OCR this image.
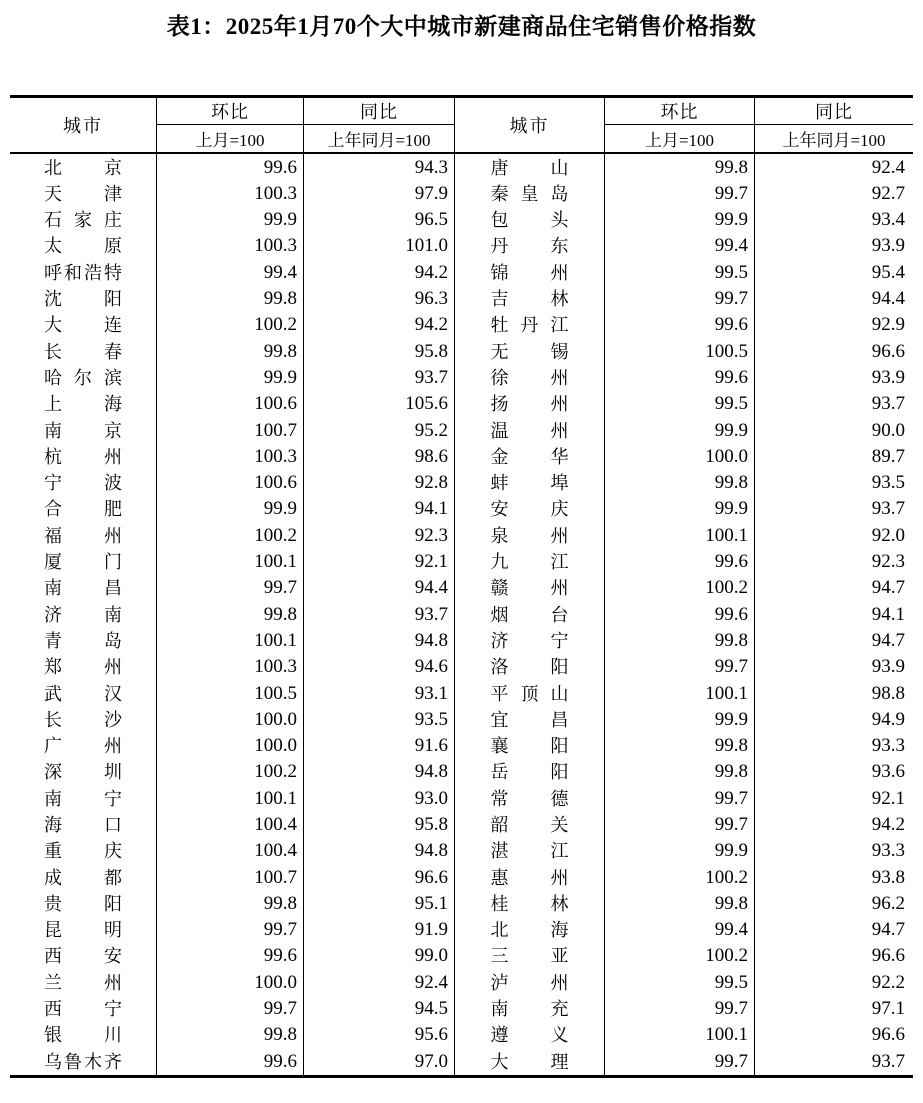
表1：2025年1月70个大中城市新建商品住宅销售价格指数
城市
环比
上月=100
同比
上年同月=100
城市
环比
上月=100
同比
上年同月=100
北 京	99.6	94.3	唐 山	99.8	92.4
天 津	100.3	97.9	秦 皇 岛	99.7	92.7
石 家 庄	99.9	96.5	包 头	99.9	93.4
太 原	100.3	101.0	丹 东	99.4	93.9
呼 和 浩 特	99.4	94.2	锦 州	99.5	95.4
沈 阳	99.8	96.3	吉 林	99.7	94.4
大 连	100.2	94.2	牡 丹 江	99.6	92.9
长 春	99.8	95.8	无 锡	100.5	96.6
哈 尔 滨	99.9	93.7	徐 州	99.6	93.9
上 海	100.6	105.6	扬 州	99.5	93.7
南 京	100.7	95.2	温 州	99.9	90.0
杭 州	100.3	98.6	金 华	100.0	89.7
宁 波	100.6	92.8	蚌 埠	99.8	93.5
合 肥	99.9	94.1	安 庆	99.9	93.7
福 州	100.2	92.3	泉 州	100.1	92.0
厦 门	100.1	92.1	九 江	99.6	92.3
南 昌	99.7	94.4	赣 州	100.2	94.7
济 南	99.8	93.7	烟 台	99.6	94.1
青 岛	100.1	94.8	济 宁	99.8	94.7
郑 州	100.3	94.6	洛 阳	99.7	93.9
武 汉	100.5	93.1	平 顶 山	100.1	98.8
长 沙	100.0	93.5	宜 昌	99.9	94.9
广 州	100.0	91.6	襄 阳	99.8	93.3
深 圳	100.2	94.8	岳 阳	99.8	93.6
南 宁	100.1	93.0	常 德	99.7	92.1
海 口	100.4	95.8	韶 关	99.7	94.2
重 庆	100.4	94.8	湛 江	99.9	93.3
成 都	100.7	96.6	惠 州	100.2	93.8
贵 阳	99.8	95.1	桂 林	99.8	96.2
昆 明	99.7	91.9	北 海	99.4	94.7
西 安	99.6	99.0	三 亚	100.2	96.6
兰 州	100.0	92.4	泸 州	99.5	92.2
西 宁	99.7	94.5	南 充	99.7	97.1
银 川	99.8	95.6	遵 义	100.1	96.6
乌 鲁 木 齐	99.6	97.0	大 理	99.7	93.7
